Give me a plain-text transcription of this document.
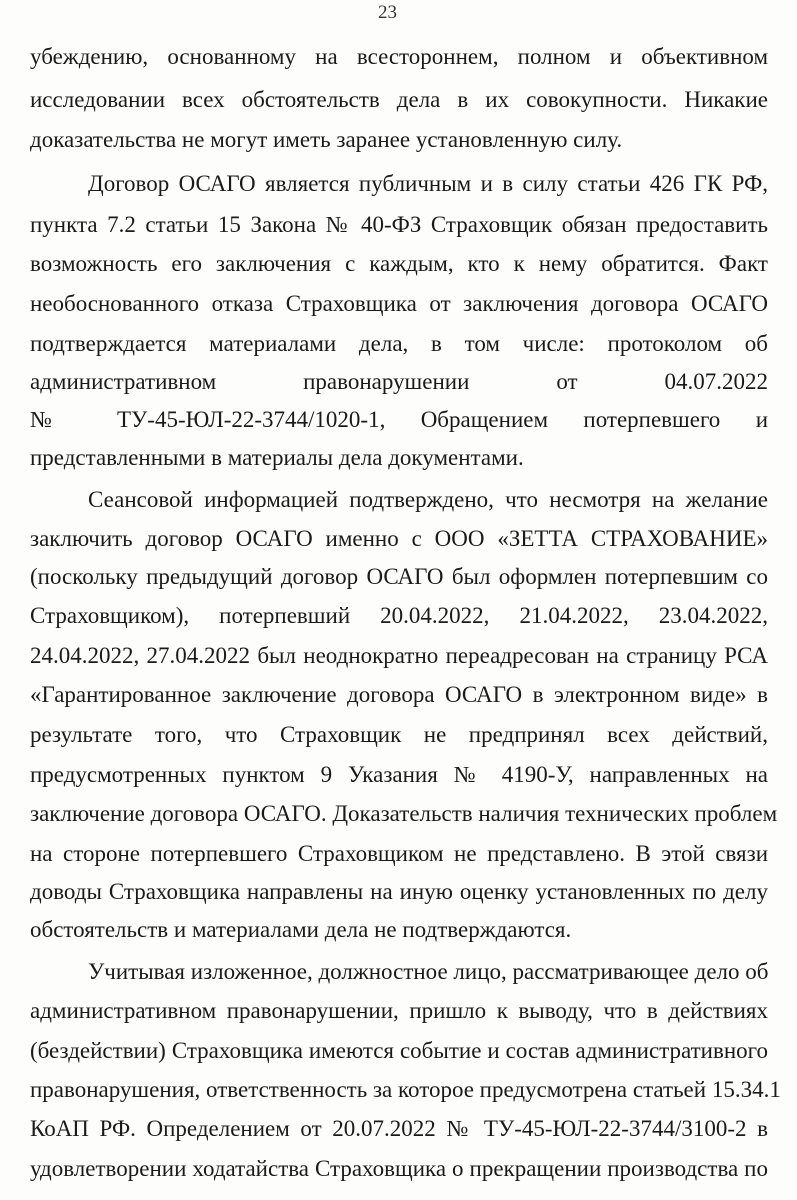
23
убеждению, основанному на всестороннем, полном и объективном
исследовании всех обстоятельств дела в их совокупности. Никакие
доказательства не могут иметь заранее установленную силу.
Договор ОСАГО является публичным и в силу статьи 426 ГК РФ,
пункта 7.2 статьи 15 Закона № 40-ФЗ Страховщик обязан предоставить
возможность его заключения с каждым, кто к нему обратится. Факт
необоснованного отказа Страховщика от заключения договора ОСАГО
подтверждается материалами дела, в том числе: протоколом об
административном правонарушении от 04.07.2022
№ ТУ-45-ЮЛ-22-3744/1020-1, Обращением потерпевшего и
представленными в материалы дела документами.
Сеансовой информацией подтверждено, что несмотря на желание
заключить договор ОСАГО именно с ООО «ЗЕТТА СТРАХОВАНИЕ»
(поскольку предыдущий договор ОСАГО был оформлен потерпевшим со
Страховщиком), потерпевший 20.04.2022, 21.04.2022, 23.04.2022,
24.04.2022, 27.04.2022 был неоднократно переадресован на страницу РСА
«Гарантированное заключение договора ОСАГО в электронном виде» в
результате того, что Страховщик не предпринял всех действий,
предусмотренных пунктом 9 Указания № 4190-У, направленных на
заключение договора ОСАГО. Доказательств наличия технических проблем
на стороне потерпевшего Страховщиком не представлено. В этой связи
доводы Страховщика направлены на иную оценку установленных по делу
обстоятельств и материалами дела не подтверждаются.
Учитывая изложенное, должностное лицо, рассматривающее дело об
административном правонарушении, пришло к выводу, что в действиях
(бездействии) Страховщика имеются событие и состав административного
правонарушения, ответственность за которое предусмотрена статьей 15.34.1
КоАП РФ. Определением от 20.07.2022 № ТУ-45-ЮЛ-22-3744/3100-2 в
удовлетворении ходатайства Страховщика о прекращении производства по
